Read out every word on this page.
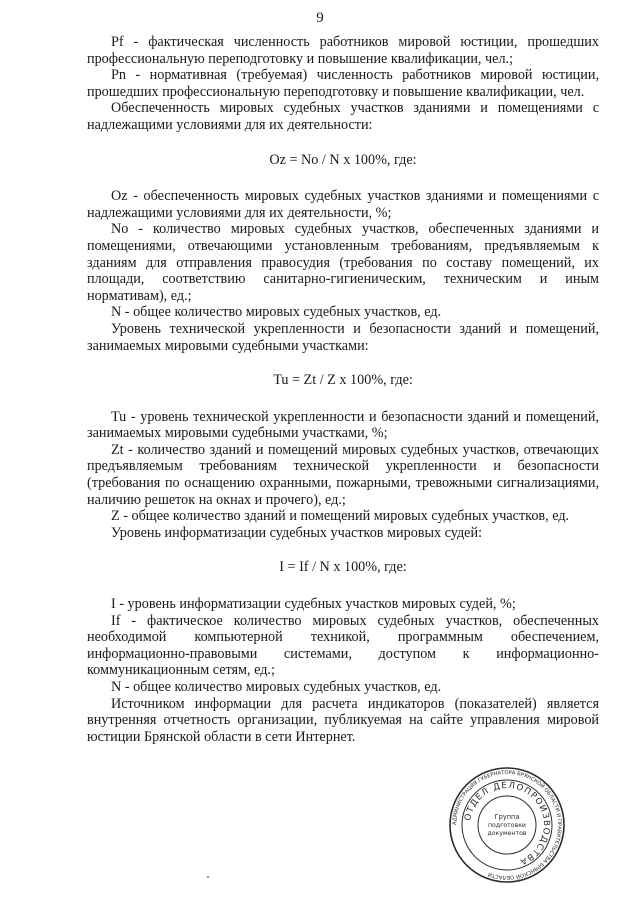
9

Pf - фактическая численность работников мировой юстиции, прошедших профессиональную переподготовку и повышение квалификации, чел.;

Pn - нормативная (требуемая) численность работников мировой юстиции, прошедших профессиональную переподготовку и повышение квалификации, чел.

Обеспеченность мировых судебных участков зданиями и помещениями с надлежащими условиями для их деятельности:

Oz = No / N x 100%, где:

Oz - обеспеченность мировых судебных участков зданиями и помещениями с надлежащими условиями для их деятельности, %;

No - количество мировых судебных участков, обеспеченных зданиями и помещениями, отвечающими установленным требованиям, предъявляемым к зданиям для отправления правосудия (требования по составу помещений, их площади, соответствию санитарно-гигиеническим, техническим и иным нормативам), ед.;

N - общее количество мировых судебных участков, ед.

Уровень технической укрепленности и безопасности зданий и помещений, занимаемых мировыми судебными участками:

Tu = Zt / Z x 100%, где:

Tu - уровень технической укрепленности и безопасности зданий и помещений, занимаемых мировыми судебными участками, %;

Zt - количество зданий и помещений мировых судебных участков, отвечающих предъявляемым требованиям технической укрепленности и безопасности (требования по оснащению охранными, пожарными, тревожными сигнализациями, наличию решеток на окнах и прочего), ед.;

Z - общее количество зданий и помещений мировых судебных участков, ед.

Уровень информатизации судебных участков мировых судей:

I = If / N x 100%, где:

I - уровень информатизации судебных участков мировых судей, %;

If - фактическое количество мировых судебных участков, обеспеченных необходимой компьютерной техникой, программным обеспечением, информационно-правовыми системами, доступом к информационно-коммуникационным сетям, ед.;

N - общее количество мировых судебных участков, ед.

Источником информации для расчета индикаторов (показателей) является внутренняя отчетность организации, публикуемая на сайте управления мировой юстиции Брянской области в сети Интернет.

АДМИНИСТРАЦИЯ ГУБЕРНАТОРА БРЯНСКОЙ ОБЛАСТИ И ПРАВИТЕЛЬСТВА БРЯНСКОЙ ОБЛАСТИ
ОТДЕЛ ДЕЛОПРОИЗВОДСТВА
Группа
подготовки
документов
